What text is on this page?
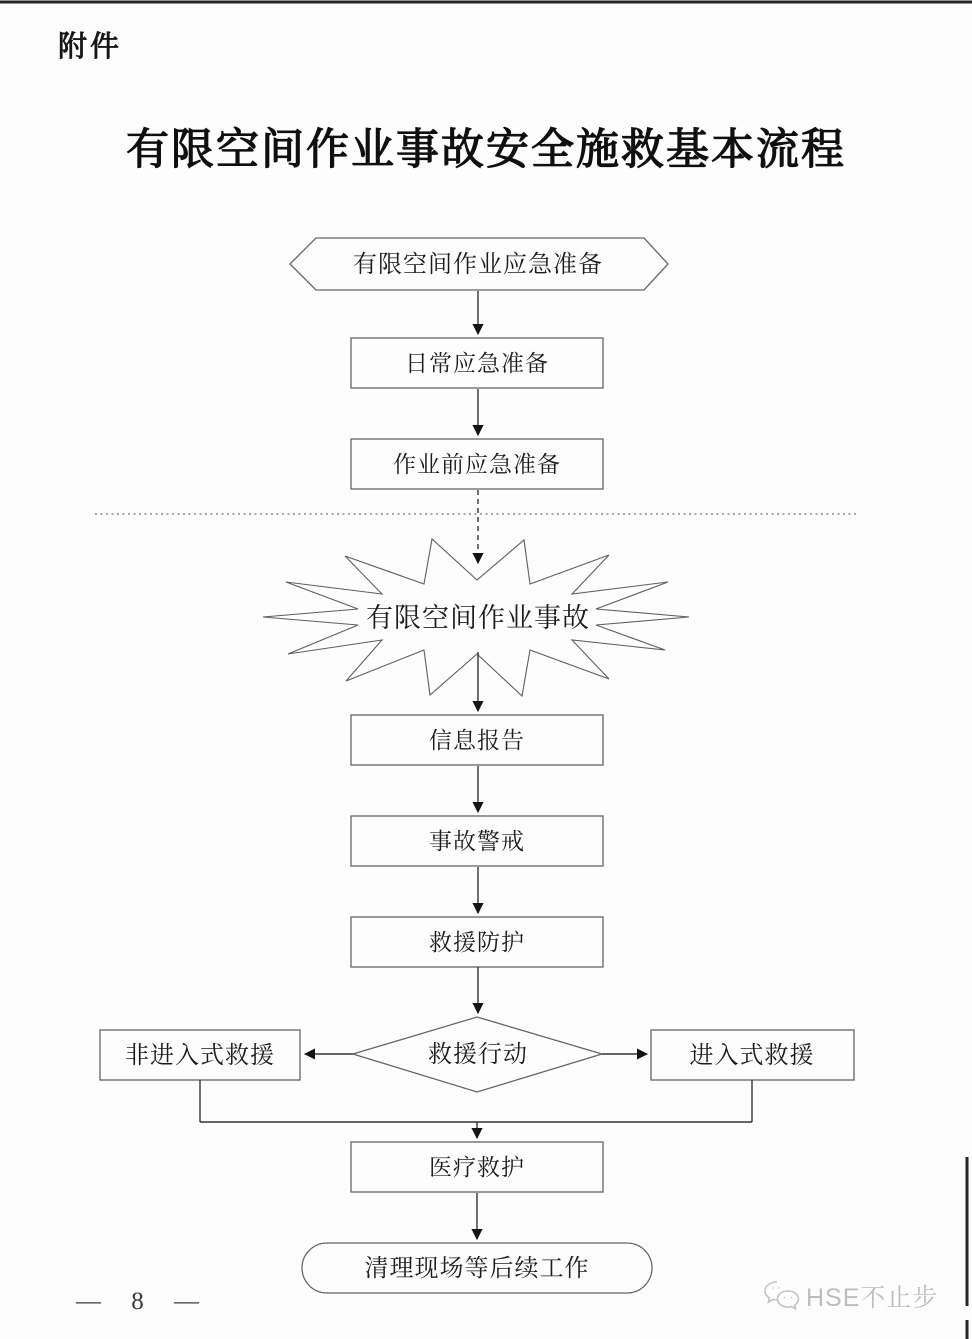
附件
有限空间作业事故安全施救基本流程
有限空间作业应急准备
日常应急准备
作业前应急准备
有限空间作业事故
信息报告
事故警戒
救援防护
救援行动
非进入式救援	进入式救援
医疗救护
清理现场等后续工作
— 8 —	HSE不止步
